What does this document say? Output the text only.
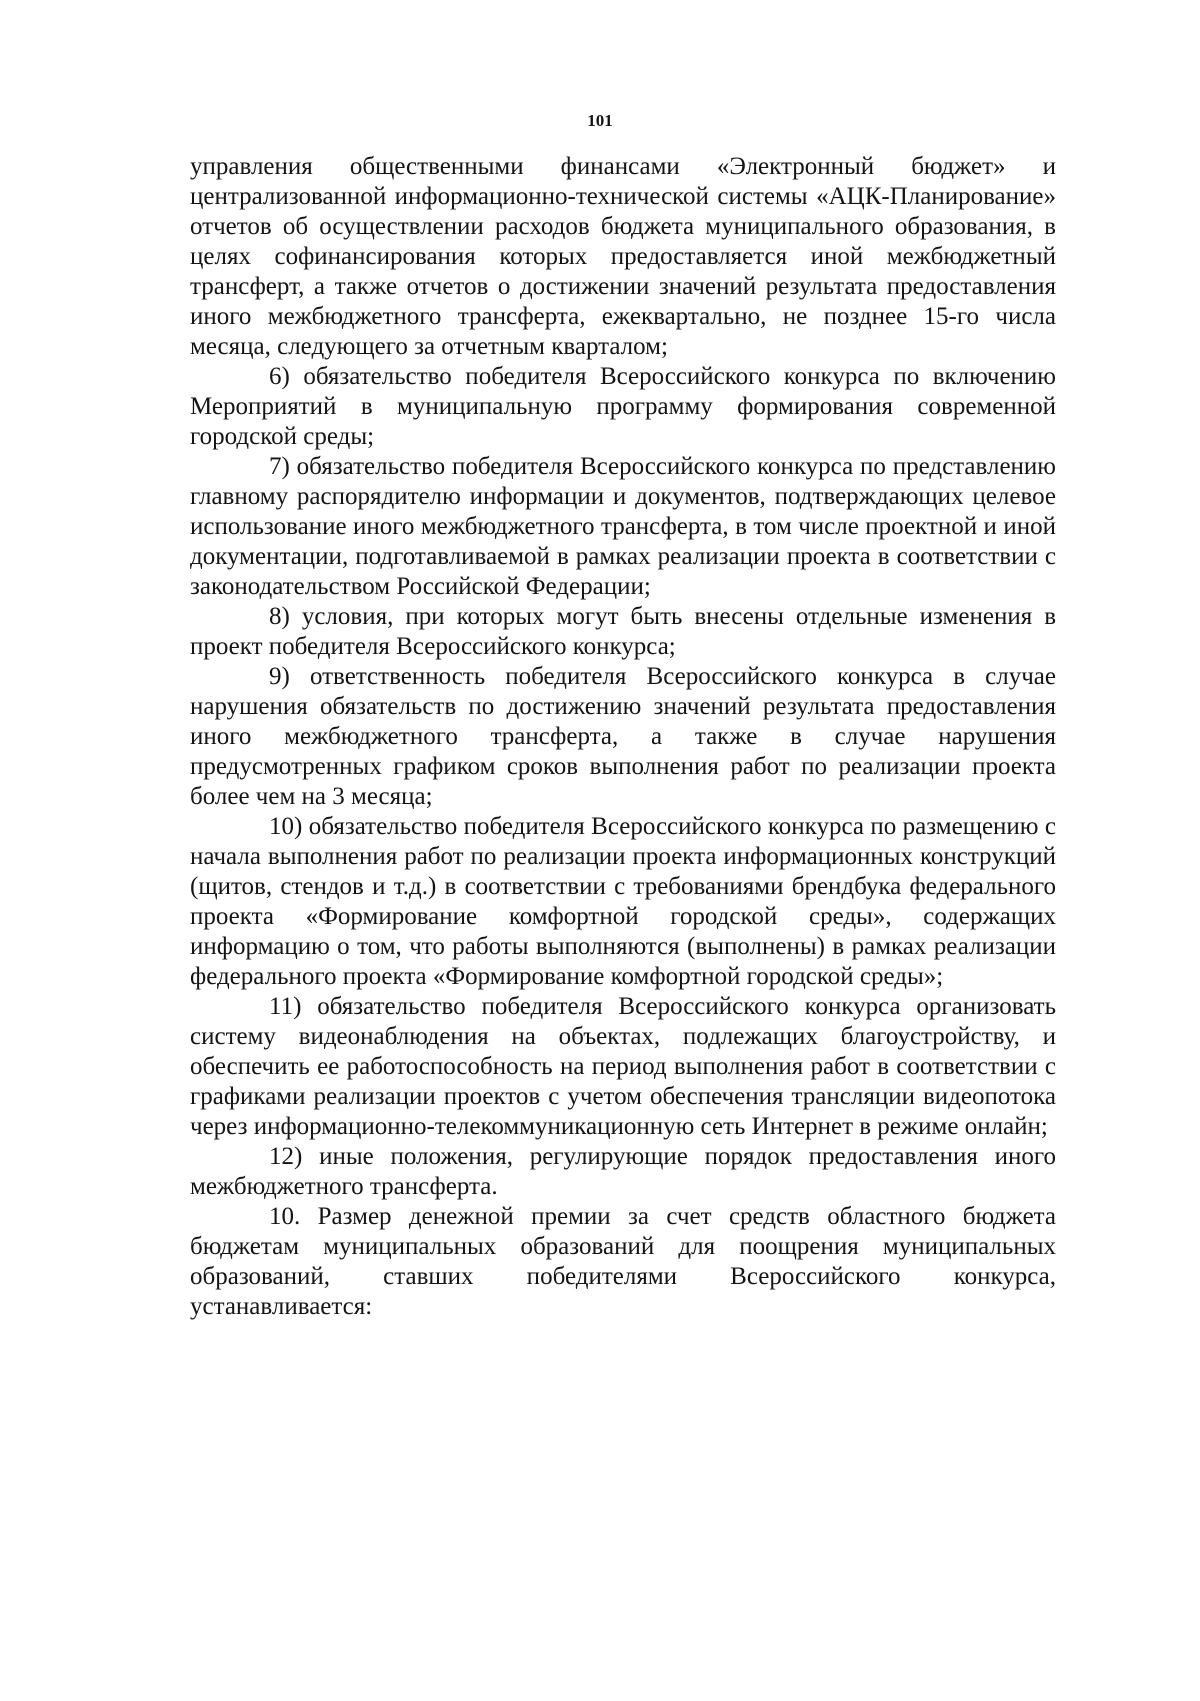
101

управления общественными финансами «Электронный бюджет» и централизованной информационно-технической системы «АЦК-Планирование» отчетов об осуществлении расходов бюджета муниципального образования, в целях софинансирования которых предоставляется иной межбюджетный трансферт, а также отчетов о достижении значений результата предоставления иного межбюджетного трансферта, ежеквартально, не позднее 15-го числа месяца, следующего за отчетным кварталом;

6) обязательство победителя Всероссийского конкурса по включению Мероприятий в муниципальную программу формирования современной городской среды;

7) обязательство победителя Всероссийского конкурса по представлению главному распорядителю информации и документов, подтверждающих целевое использование иного межбюджетного трансферта, в том числе проектной и иной документации, подготавливаемой в рамках реализации проекта в соответствии с законодательством Российской Федерации;

8) условия, при которых могут быть внесены отдельные изменения в проект победителя Всероссийского конкурса;

9) ответственность победителя Всероссийского конкурса в случае нарушения обязательств по достижению значений результата предоставления иного межбюджетного трансферта, а также в случае нарушения предусмотренных графиком сроков выполнения работ по реализации проекта более чем на 3 месяца;

10) обязательство победителя Всероссийского конкурса по размещению с начала выполнения работ по реализации проекта информационных конструкций (щитов, стендов и т.д.) в соответствии с требованиями брендбука федерального проекта «Формирование комфортной городской среды», содержащих информацию о том, что работы выполняются (выполнены) в рамках реализации федерального проекта «Формирование комфортной городской среды»;

11) обязательство победителя Всероссийского конкурса организовать систему видеонаблюдения на объектах, подлежащих благоустройству, и обеспечить ее работоспособность на период выполнения работ в соответствии с графиками реализации проектов с учетом обеспечения трансляции видеопотока через информационно-телекоммуникационную сеть Интернет в режиме онлайн;

12) иные положения, регулирующие порядок предоставления иного межбюджетного трансферта.

10. Размер денежной премии за счет средств областного бюджета бюджетам муниципальных образований для поощрения муниципальных образований, ставших победителями Всероссийского конкурса, устанавливается:
